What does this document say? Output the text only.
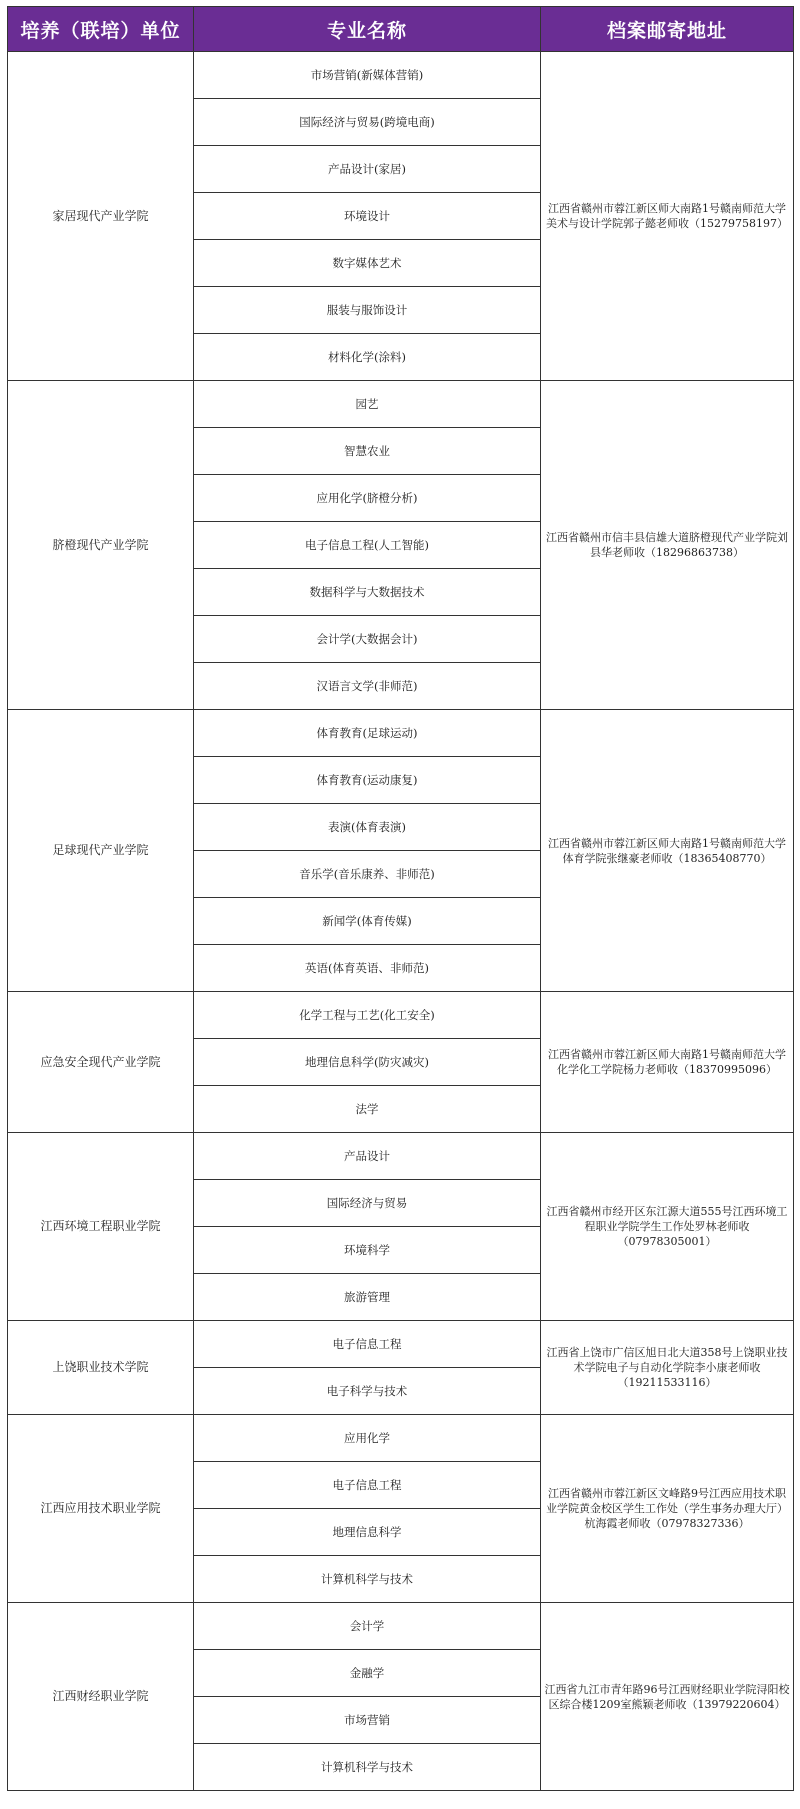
培养（联培）单位	专业名称	档案邮寄地址
家居现代产业学院	市场营销(新媒体营销)	江西省赣州市蓉江新区师大南路1号赣南师范大学美术与设计学院郭子懿老师收（15279758197）
	国际经济与贸易(跨境电商)	
	产品设计(家居)	
	环境设计	
	数字媒体艺术	
	服装与服饰设计	
	材料化学(涂料)	
脐橙现代产业学院	园艺	江西省赣州市信丰县信雄大道脐橙现代产业学院刘县华老师收（18296863738）
	智慧农业	
	应用化学(脐橙分析)	
	电子信息工程(人工智能)	
	数据科学与大数据技术	
	会计学(大数据会计)	
	汉语言文学(非师范)	
足球现代产业学院	体育教育(足球运动)	江西省赣州市蓉江新区师大南路1号赣南师范大学体育学院张继豪老师收（18365408770）
	体育教育(运动康复)	
	表演(体育表演)	
	音乐学(音乐康养、非师范)	
	新闻学(体育传媒)	
	英语(体育英语、非师范)	
应急安全现代产业学院	化学工程与工艺(化工安全)	江西省赣州市蓉江新区师大南路1号赣南师范大学化学化工学院杨力老师收（18370995096）
	地理信息科学(防灾减灾)	
	法学	
江西环境工程职业学院	产品设计	江西省赣州市经开区东江源大道555号江西环境工程职业学院学生工作处罗林老师收（07978305001）
	国际经济与贸易	
	环境科学	
	旅游管理	
上饶职业技术学院	电子信息工程	江西省上饶市广信区旭日北大道358号上饶职业技术学院电子与自动化学院李小康老师收（19211533116）
	电子科学与技术	
江西应用技术职业学院	应用化学	江西省赣州市蓉江新区文峰路9号江西应用技术职业学院黄金校区学生工作处（学生事务办理大厅）杭海霞老师收（07978327336）
	电子信息工程	
	地理信息科学	
	计算机科学与技术	
江西财经职业学院	会计学	江西省九江市青年路96号江西财经职业学院浔阳校区综合楼1209室熊颖老师收（13979220604）
	金融学	
	市场营销	
	计算机科学与技术	
